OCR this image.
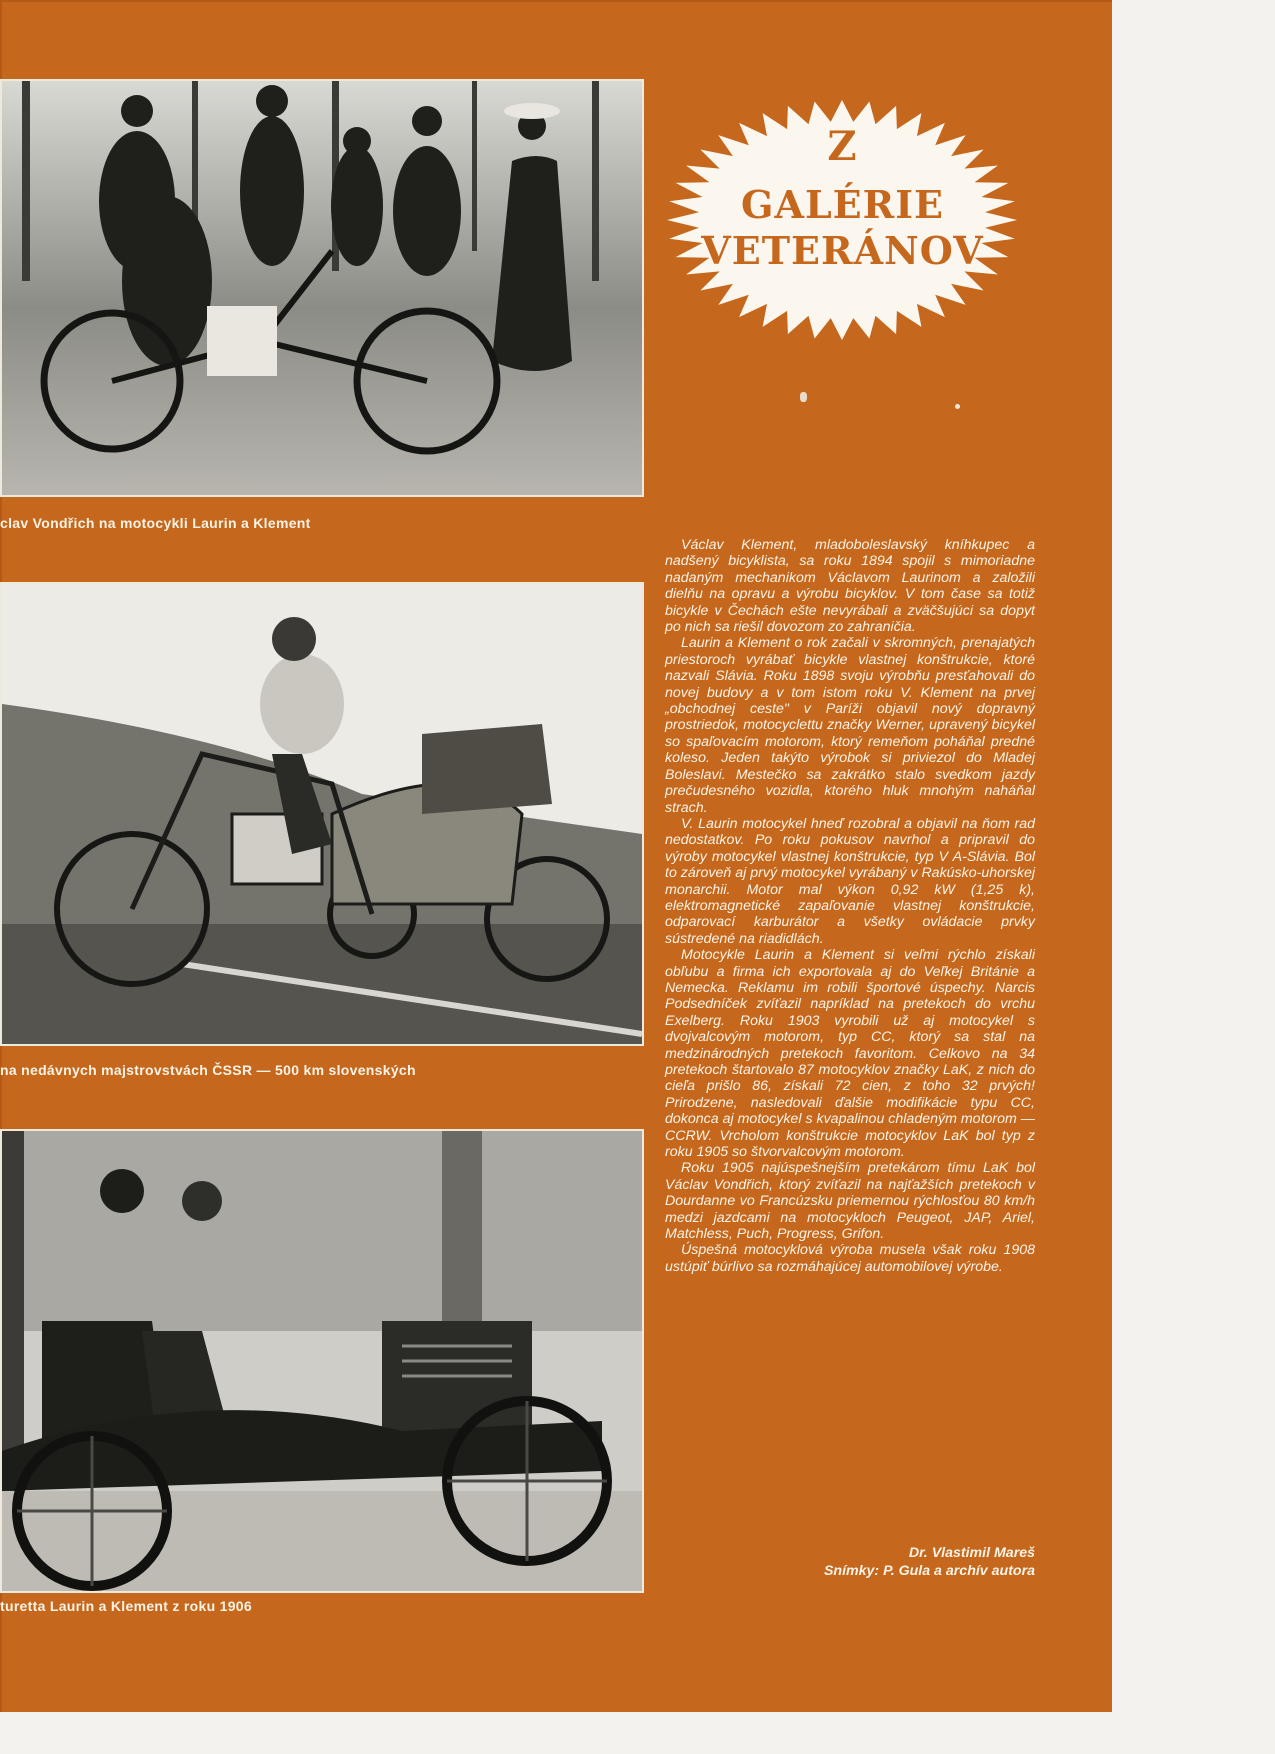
clav Vondřich na motocykli Laurin a Klement
na nedávnych majstrovstvách ČSSR — 500 km slovenských
turetta Laurin a Klement z roku 1906
Z
GALÉRIE
VETERÁNOV

Václav Klement, mladoboleslavský kníhkupec a nadšený bicyklista, sa roku 1894 spojil s mimoriadne nadaným mechanikom Václavom Laurinom a založili dielňu na opravu a výrobu bicyklov. V tom čase sa totiž bicykle v Čechách ešte nevyrábali a zväčšujúci sa dopyt po nich sa riešil dovozom zo zahraničia.

Laurin a Klement o rok začali v skromných, prenajatých priestoroch vyrábať bicykle vlastnej konštrukcie, ktoré nazvali Slávia. Roku 1898 svoju výrobňu presťahovali do novej budovy a v tom istom roku V. Klement na prvej „obchodnej ceste" v Paríži objavil nový dopravný prostriedok, motocyclettu značky Werner, upravený bicykel so spaľovacím motorom, ktorý remeňom poháňal predné koleso. Jeden takýto výrobok si priviezol do Mladej Boleslavi. Mestečko sa zakrátko stalo svedkom jazdy prečudesného vozidla, ktorého hluk mnohým naháňal strach.

V. Laurin motocykel hneď rozobral a objavil na ňom rad nedostatkov. Po roku pokusov navrhol a pripravil do výroby motocykel vlastnej konštrukcie, typ V A-Slávia. Bol to zároveň aj prvý motocykel vyrábaný v Rakúsko-uhorskej monarchii. Motor mal výkon 0,92 kW (1,25 k), elektromagnetické zapaľovanie vlastnej konštrukcie, odparovací karburátor a všetky ovládacie prvky sústredené na riadidlách.

Motocykle Laurin a Klement si veľmi rýchlo získali obľubu a firma ich exportovala aj do Veľkej Británie a Nemecka. Reklamu im robili športové úspechy. Narcis Podsedníček zvíťazil napríklad na pretekoch do vrchu Exelberg. Roku 1903 vyrobili už aj motocykel s dvojvalcovým motorom, typ CC, ktorý sa stal na medzinárodných pretekoch favoritom. Celkovo na 34 pretekoch štartovalo 87 motocyklov značky LaK, z nich do cieľa prišlo 86, získali 72 cien, z toho 32 prvých! Prirodzene, nasledovali ďalšie modifikácie typu CC, dokonca aj motocykel s kvapalinou chladeným motorom — CCRW. Vrcholom konštrukcie motocyklov LaK bol typ z roku 1905 so štvorvalcovým motorom.

Roku 1905 najúspešnejším pretekárom tímu LaK bol Václav Vondřich, ktorý zvíťazil na najťažších pretekoch v Dourdanne vo Francúzsku priemernou rýchlosťou 80 km/h medzi jazdcami na motocykloch Peugeot, JAP, Ariel, Matchless, Puch, Progress, Grifon.

Úspešná motocyklová výroba musela však roku 1908 ustúpiť búrlivo sa rozmáhajúcej automobilovej výrobe.

Dr. Vlastimil Mareš
Snímky: P. Gula a archív autora
